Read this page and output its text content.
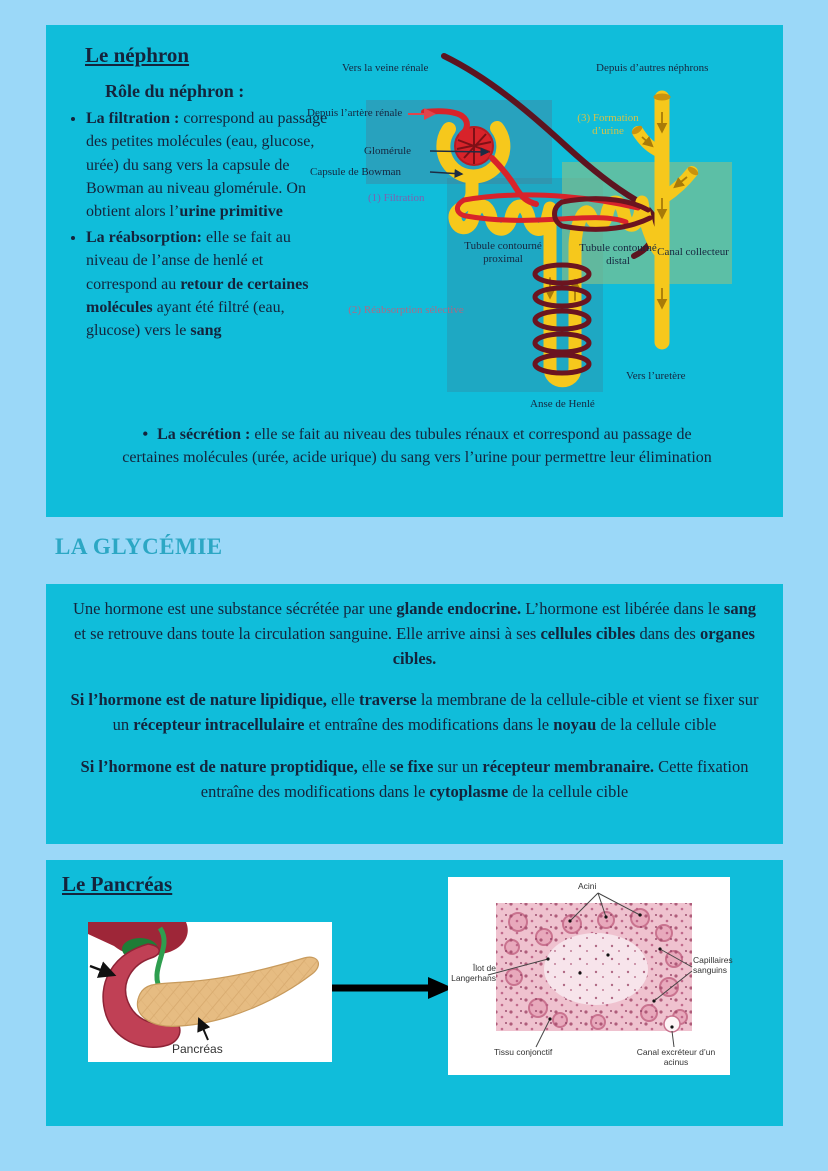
Le néphron
Rôle du néphron :
• La filtration : correspond au passage des petites molécules (eau, glucose, urée) du sang vers la capsule de Bowman au niveau glomérule. On obtient alors l’urine primitive
• La réabsorption: elle se fait au niveau de l’anse de henlé et correspond au retour de certaines molécules ayant été filtré (eau, glucose) vers le sang
Vers la veine rénale	Depuis d’autres néphrons
Depuis l’artère rénale
Glomérule
Capsule de Bowman
(1) Filtration
(3) Formation d’urine
Tubule contourné proximal
Tubule contourné distal
Canal collecteur
(2) Réabsorption sélective
Vers l’uretère
Anse de Henlé

• La sécrétion : elle se fait au niveau des tubules rénaux et correspond au passage de certaines molécules (urée, acide urique) du sang vers l’urine pour permettre leur élimination

LA GLYCÉMIE

Une hormone est une substance sécrétée par une glande endocrine. L’hormone est libérée dans le sang et se retrouve dans toute la circulation sanguine. Elle arrive ainsi à ses cellules cibles dans des organes cibles.

Si l’hormone est de nature lipidique, elle traverse la membrane de la cellule-cible et vient se fixer sur un récepteur intracellulaire et entraîne des modifications dans le noyau de la cellule cible

Si l’hormone est de nature proptidique, elle se fixe sur un récepteur membranaire. Cette fixation entraîne des modifications dans le cytoplasme de la cellule cible

Le Pancréas
Pancréas
Acini
Îlot de Langerhans
Capillaires sanguins
Tissu conjonctif	Canal excréteur d’un acinus
